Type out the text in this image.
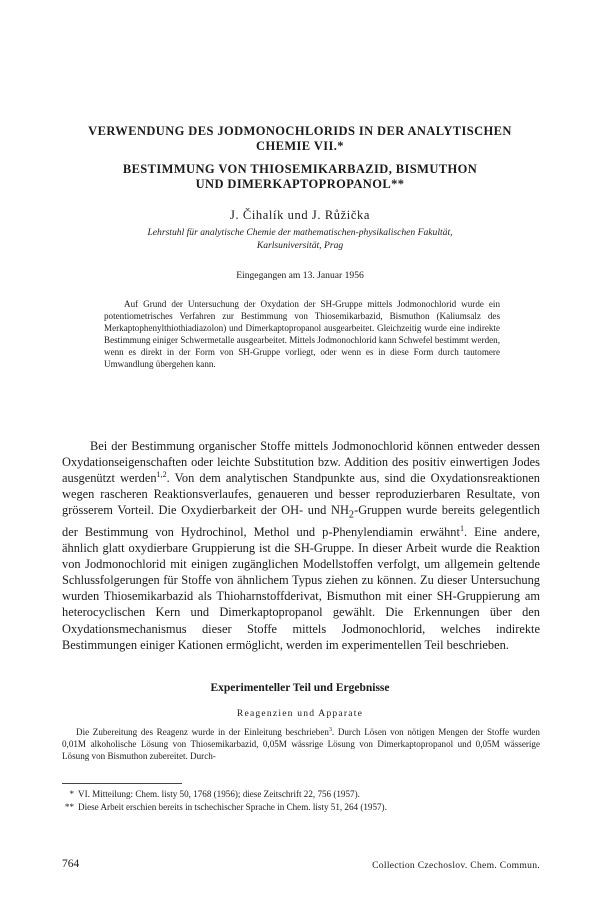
VERWENDUNG DES JODMONOCHLORIDS IN DER ANALYTISCHEN
CHEMIE VII.*
BESTIMMUNG VON THIOSEMIKARBAZID, BISMUTHON
UND DIMERKAPTOPROPANOL**
J. Čihalík und J. Růžička
Lehrstuhl für analytische Chemie der mathematischen-physikalischen Fakultät,
Karlsuniversität, Prag
Eingegangen am 13. Januar 1956
Auf Grund der Untersuchung der Oxydation der SH-Gruppe mittels Jodmonochlorid wurde ein potentiometrisches Verfahren zur Bestimmung von Thiosemikarbazid, Bismuthon (Kaliumsalz des Merkaptophenylthiothiadiazolon) und Dimerkaptopropanol ausgearbeitet. Gleichzeitig wurde eine indirekte Bestimmung einiger Schwermetalle ausgearbeitet. Mittels Jodmonochlorid kann Schwefel bestimmt werden, wenn es direkt in der Form von SH-Gruppe vorliegt, oder wenn es in diese Form durch tautomere Umwandlung übergehen kann.
Bei der Bestimmung organischer Stoffe mittels Jodmonochlorid können entweder dessen Oxydationseigenschaften oder leichte Substitution bzw. Addition des positiv einwertigen Jodes ausgenützt werden$^{1,2}$. Von dem analytischen Standpunkte aus, sind die Oxydationsreaktionen wegen rascheren Reaktionsverlaufes, genaueren und besser reproduzierbaren Resultate, von grösserem Vorteil. Die Oxydierbarkeit der OH- und $NH_2$-Gruppen wurde bereits gelegentlich der Bestimmung von Hydrochinol, Methol und p-Phenylendiamin erwähnt$^1$. Eine andere, ähnlich glatt oxydierbare Gruppierung ist die SH-Gruppe. In dieser Arbeit wurde die Reaktion von Jodmonochlorid mit einigen zugänglichen Modellstoffen verfolgt, um allgemein geltende Schlussfolgerungen für Stoffe von ähnlichem Typus ziehen zu können. Zu dieser Untersuchung wurden Thiosemikarbazid als Thioharnstoffderivat, Bismuthon mit einer SH-Gruppierung am heterocyclischen Kern und Dimerkaptopropanol gewählt. Die Erkennungen über den Oxydationsmechanismus dieser Stoffe mittels Jodmonochlorid, welches indirekte Bestimmungen einiger Kationen ermöglicht, werden im experimentellen Teil beschrieben.
Experimenteller Teil und Ergebnisse
Reagenzien und Apparate
Die Zubereitung des Reagenz wurde in der Einleitung beschrieben$^3$. Durch Lösen von nötigen Mengen der Stoffe wurden 0,01M alkoholische Lösung von Thiosemikarbazid, 0,05M wässrige Lösung von Dimerkaptopropanol und 0,05M wässerige Lösung von Bismuthon zubereitet. Durch-
* VI. Mitteilung: Chem. listy 50, 1768 (1956); diese Zeitschrift 22, 756 (1957).
** Diese Arbeit erschien bereits in tschechischer Sprache in Chem. listy 51, 264 (1957).
764	Collection Czechoslov. Chem. Commun.
